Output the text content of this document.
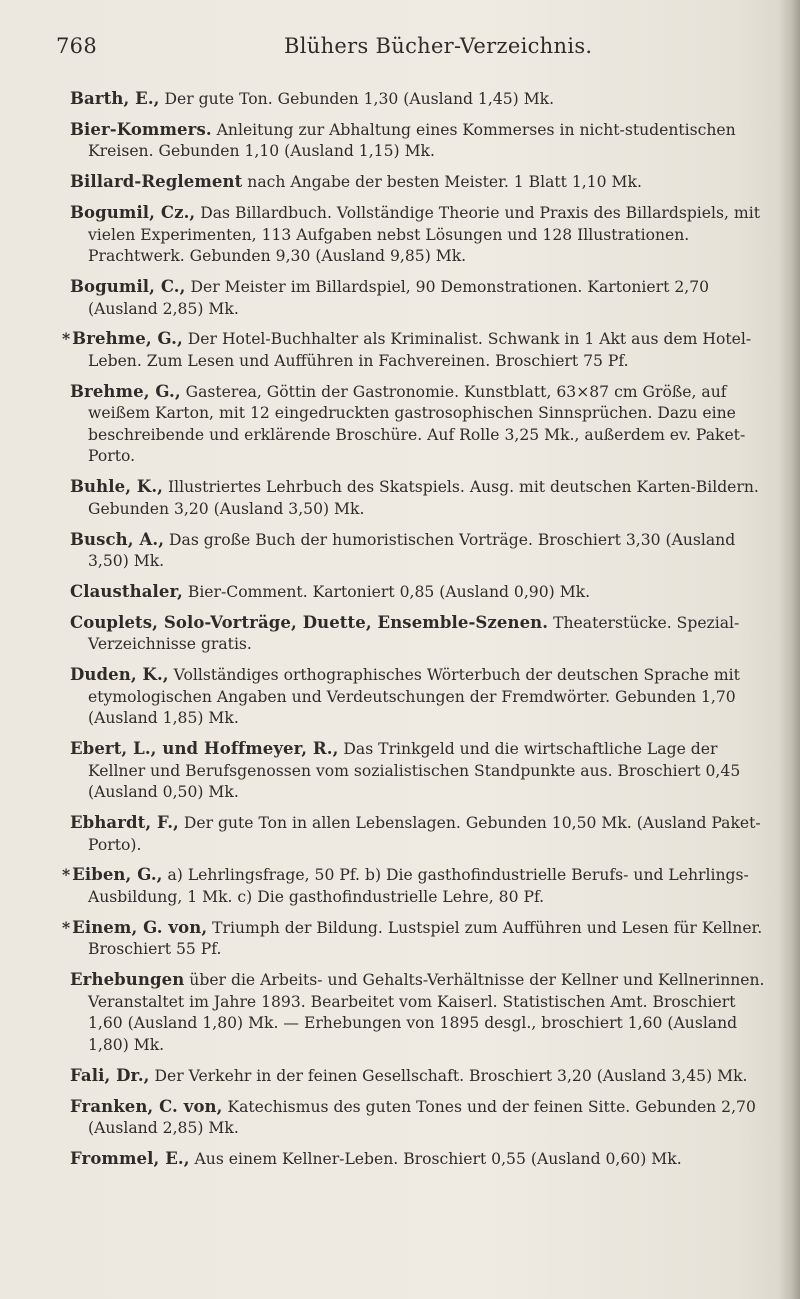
768	Blühers Bücher-Verzeichnis.

Barth, E., Der gute Ton. Gebunden 1,30 (Ausland 1,45) Mk.

Bier-Kommers. Anleitung zur Abhaltung eines Kommerses in nicht-studentischen Kreisen. Gebunden 1,10 (Ausland 1,15) Mk.

Billard-Reglement nach Angabe der besten Meister. 1 Blatt 1,10 Mk.

Bogumil, Cz., Das Billardbuch. Vollständige Theorie und Praxis des Billardspiels, mit vielen Experimenten, 113 Aufgaben nebst Lösungen und 128 Illustrationen. Prachtwerk. Gebunden 9,30 (Ausland 9,85) Mk.

Bogumil, C., Der Meister im Billardspiel, 90 Demonstrationen. Kartoniert 2,70 (Ausland 2,85) Mk.

* Brehme, G., Der Hotel-Buchhalter als Kriminalist. Schwank in 1 Akt aus dem Hotel-Leben. Zum Lesen und Aufführen in Fachvereinen. Broschiert 75 Pf.

Brehme, G., Gasterea, Göttin der Gastronomie. Kunstblatt, 63×87 cm Größe, auf weißem Karton, mit 12 eingedruckten gastrosophischen Sinnsprüchen. Dazu eine beschreibende und erklärende Broschüre. Auf Rolle 3,25 Mk., außerdem ev. Paket-Porto.

Buhle, K., Illustriertes Lehrbuch des Skatspiels. Ausg. mit deutschen Karten-Bildern. Gebunden 3,20 (Ausland 3,50) Mk.

Busch, A., Das große Buch der humoristischen Vorträge. Broschiert 3,30 (Ausland 3,50) Mk.

Clausthaler, Bier-Comment. Kartoniert 0,85 (Ausland 0,90) Mk.

Couplets, Solo-Vorträge, Duette, Ensemble-Szenen. Theaterstücke. Spezial-Verzeichnisse gratis.

Duden, K., Vollständiges orthographisches Wörterbuch der deutschen Sprache mit etymologischen Angaben und Verdeutschungen der Fremdwörter. Gebunden 1,70 (Ausland 1,85) Mk.

Ebert, L., und Hoffmeyer, R., Das Trinkgeld und die wirtschaftliche Lage der Kellner und Berufsgenossen vom sozialistischen Standpunkte aus. Broschiert 0,45 (Ausland 0,50) Mk.

Ebhardt, F., Der gute Ton in allen Lebenslagen. Gebunden 10,50 Mk. (Ausland Paket-Porto).

* Eiben, G., a) Lehrlingsfrage, 50 Pf. b) Die gasthofindustrielle Berufs- und Lehrlings-Ausbildung, 1 Mk. c) Die gasthofindustrielle Lehre, 80 Pf.

* Einem, G. von, Triumph der Bildung. Lustspiel zum Aufführen und Lesen für Kellner. Broschiert 55 Pf.

Erhebungen über die Arbeits- und Gehalts-Verhältnisse der Kellner und Kellnerinnen. Veranstaltet im Jahre 1893. Bearbeitet vom Kaiserl. Statistischen Amt. Broschiert 1,60 (Ausland 1,80) Mk. — Erhebungen von 1895 desgl., broschiert 1,60 (Ausland 1,80) Mk.

Fali, Dr., Der Verkehr in der feinen Gesellschaft. Broschiert 3,20 (Ausland 3,45) Mk.

Franken, C. von, Katechismus des guten Tones und der feinen Sitte. Gebunden 2,70 (Ausland 2,85) Mk.

Frommel, E., Aus einem Kellner-Leben. Broschiert 0,55 (Ausland 0,60) Mk.
